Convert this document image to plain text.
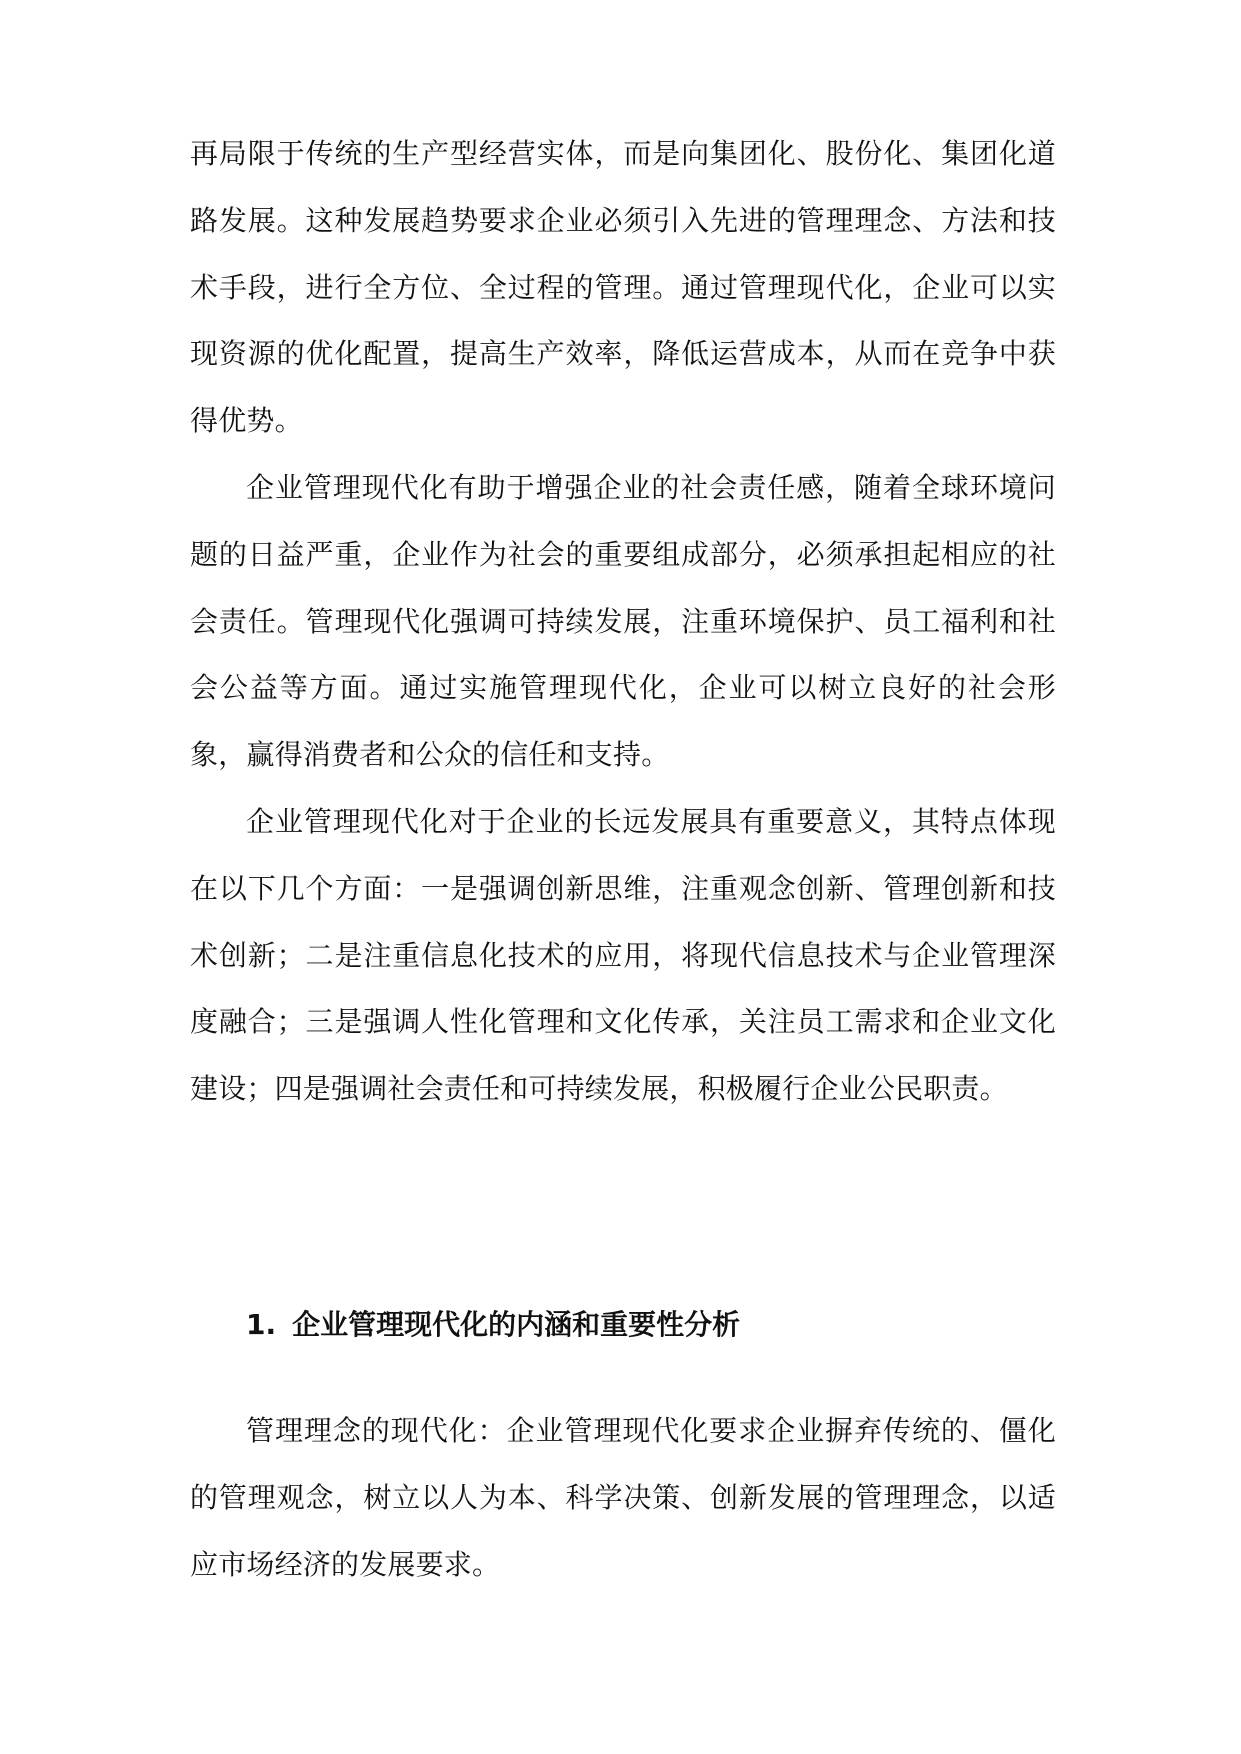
再局限于传统的生产型经营实体，而是向集团化、股份化、集团化道路发展。这种发展趋势要求企业必须引入先进的管理理念、方法和技术手段，进行全方位、全过程的管理。通过管理现代化，企业可以实现资源的优化配置，提高生产效率，降低运营成本，从而在竞争中获得优势。

企业管理现代化有助于增强企业的社会责任感，随着全球环境问题的日益严重，企业作为社会的重要组成部分，必须承担起相应的社会责任。管理现代化强调可持续发展，注重环境保护、员工福利和社会公益等方面。通过实施管理现代化，企业可以树立良好的社会形象，赢得消费者和公众的信任和支持。

企业管理现代化对于企业的长远发展具有重要意义，其特点体现在以下几个方面：一是强调创新思维，注重观念创新、管理创新和技术创新；二是注重信息化技术的应用，将现代信息技术与企业管理深度融合；三是强调人性化管理和文化传承，关注员工需求和企业文化建设；四是强调社会责任和可持续发展，积极履行企业公民职责。

1. 企业管理现代化的内涵和重要性分析

管理理念的现代化：企业管理现代化要求企业摒弃传统的、僵化的管理观念，树立以人为本、科学决策、创新发展的管理理念，以适应市场经济的发展要求。
